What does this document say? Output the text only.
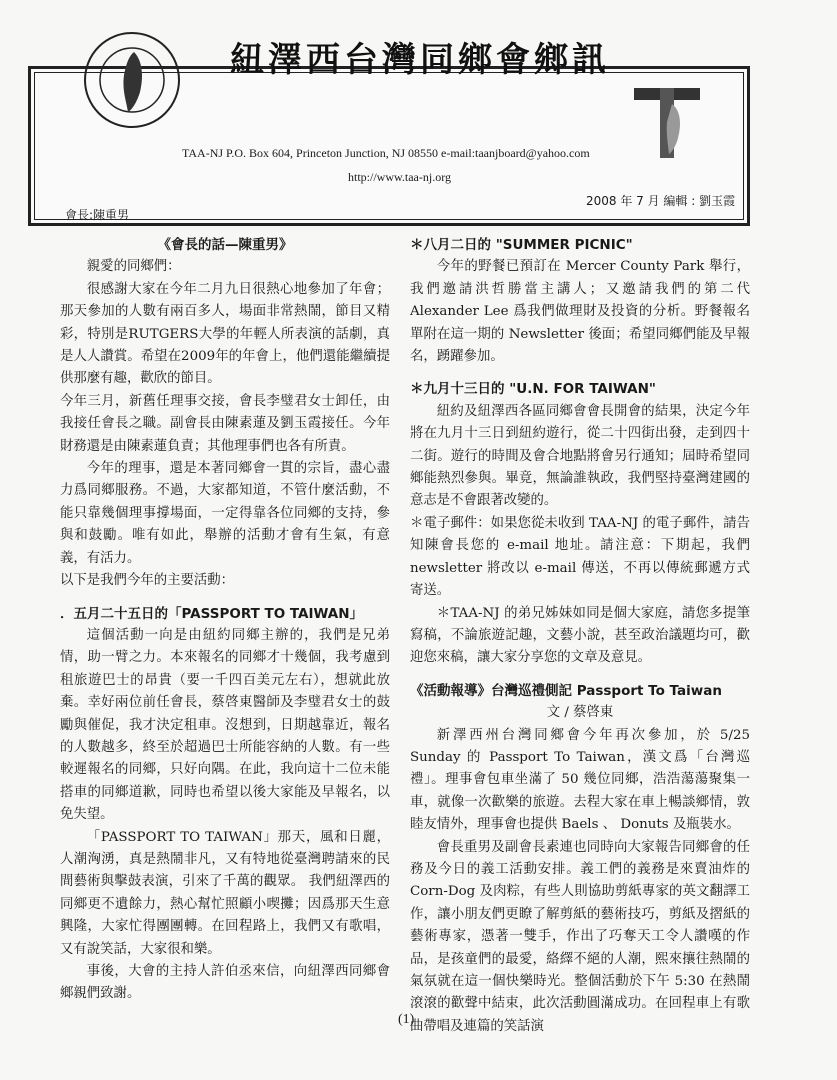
紐澤西台灣同鄉會鄉訊
TAA-NJ P.O. Box 604, Princeton Junction, NJ 08550 e-mail:taanjboard@yahoo.com
http://www.taa-nj.org
會長:陳重男
2008 年 7 月 編輯 : 劉玉霞

《會長的話—陳重男》

親愛的同鄉們：

很感謝大家在今年二月九日很熱心地參加了年會；那天參加的人數有兩百多人，場面非常熱鬧，節目又精彩，特別是RUTGERS大學的年輕人所表演的話劇，真是人人讚賞。希望在2009年的年會上，他們還能繼續提供那麼有趣，歡欣的節目。

今年三月，新舊任理事交接，會長李璧君女士卸任，由我接任會長之職。副會長由陳素蓮及劉玉霞接任。今年財務還是由陳素蓮負責；其他理事們也各有所責。

今年的理事，還是本著同鄉會一貫的宗旨，盡心盡力爲同鄉服務。不過，大家都知道，不管什麼活動，不能只靠幾個理事撐場面，一定得靠各位同鄉的支持，參與和鼓勵。唯有如此，舉辦的活動才會有生氣，有意義，有活力。

以下是我們今年的主要活動：

．五月二十五日的「PASSPORT TO TAIWAN」

這個活動一向是由紐約同鄉主辦的，我們是兄弟情，助一臂之力。本來報名的同鄉才十幾個，我考慮到租旅遊巴士的昂貴（要一千四百美元左右），想就此放棄。幸好兩位前任會長，蔡啓東醫師及李璧君女士的鼓勵與催促，我才決定租車。沒想到，日期越靠近，報名的人數越多，終至於超過巴士所能容納的人數。有一些較遲報名的同鄉，只好向隅。在此，我向這十二位未能搭車的同鄉道歉，同時也希望以後大家能及早報名，以免失望。

「PASSPORT TO TAIWAN」那天，風和日麗，人潮洶湧，真是熱鬧非凡，又有特地從臺灣聘請來的民間藝術與擊鼓表演，引來了千萬的觀眾。 我們紐澤西的同鄉更不遺餘力，熱心幫忙照顧小喫攤；因爲那天生意興隆，大家忙得團團轉。在回程路上，我們又有歌唱，又有說笑話，大家很和樂。

事後，大會的主持人許伯丞來信，向紐澤西同鄉會鄉親們致謝。

＊八月二日的 "SUMMER PICNIC"

今年的野餐已預訂在 Mercer County Park 舉行，我們邀請洪哲勝當主講人；又邀請我們的第二代 Alexander Lee 爲我們做理財及投資的分析。野餐報名單附在這一期的 Newsletter 後面；希望同鄉們能及早報名，踴躍參加。

＊九月十三日的 "U.N. FOR TAIWAN"

紐約及紐澤西各區同鄉會會長開會的結果，決定今年將在九月十三日到紐約遊行，從二十四街出發，走到四十二街。遊行的時間及會合地點將會另行通知；屆時希望同鄉能熱烈參與。畢竟，無論誰執政，我們堅持臺灣建國的意志是不會跟著改變的。

＊電子郵件：如果您從未收到 TAA-NJ 的電子郵件，請告知陳會長您的 e-mail 地址。請注意：下期起，我們newsletter 將改以 e-mail 傳送，不再以傳統郵遞方式寄送。

＊TAA-NJ 的弟兄姊妹如同是個大家庭，請您多提筆寫稿，不論旅遊記趣，文藝小說，甚至政治議題均可，歡迎您來稿，讓大家分享您的文章及意見。

《活動報導》台灣巡禮側記 Passport To Taiwan

文 / 蔡啓東

新澤西州台灣同鄉會今年再次參加，於 5/25 Sunday 的 Passport To Taiwan，漢文爲「台灣巡禮」。理事會包車坐滿了 50 幾位同鄉，浩浩蕩蕩聚集一車，就像一次歡樂的旅遊。去程大家在車上暢談鄉情，敦睦友情外，理事會也提供 Baels 、 Donuts 及瓶裝水。

會長重男及副會長素連也同時向大家報告同鄉會的任務及今日的義工活動安排。義工們的義務是來賣油炸的 Corn-Dog 及肉粽，有些人則協助剪紙專家的英文翻譯工作，讓小朋友們更瞭了解剪紙的藝術技巧，剪紙及摺紙的藝術專家，憑著一雙手，作出了巧奪天工令人讚嘆的作品，是孩童們的最愛，絡繹不絕的人潮，熙來攘往熱鬧的氣氛就在這一個快樂時光。整個活動於下午 5:30 在熱鬧滾滾的歡聲中結束，此次活動圓滿成功。在回程車上有歌曲帶唱及連篇的笑話演

(1)
